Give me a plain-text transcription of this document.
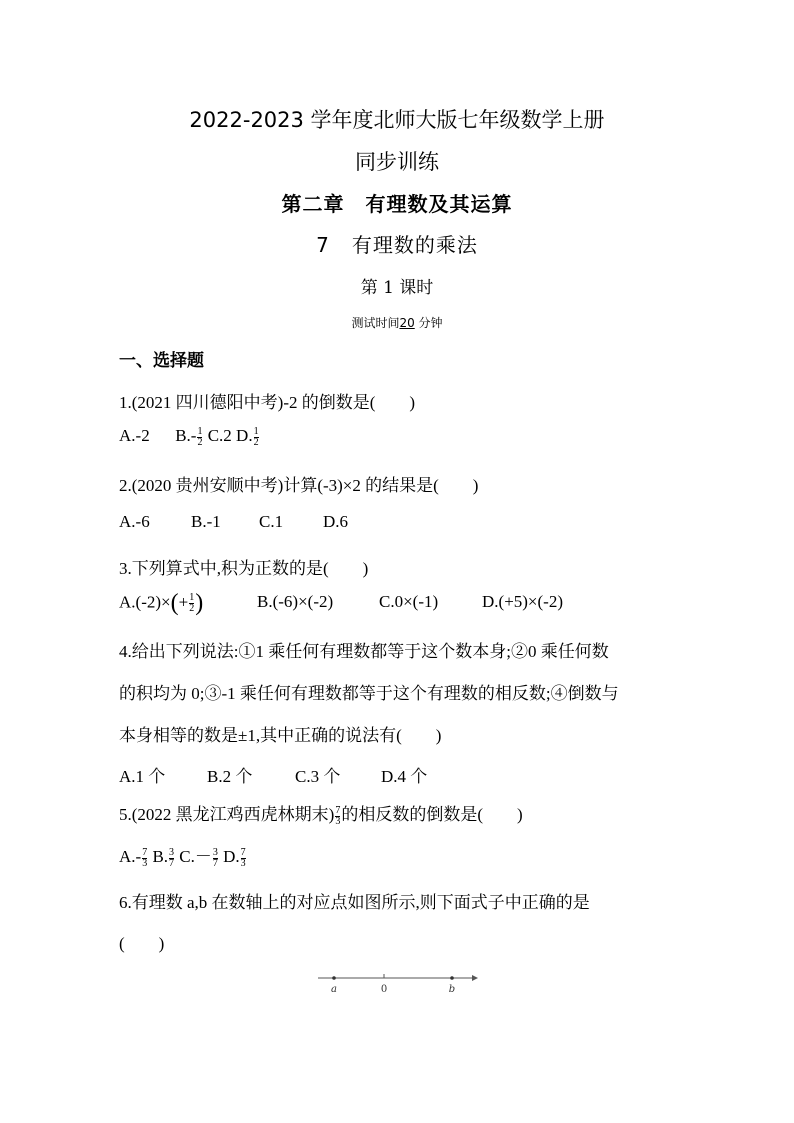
2022-2023 学年度北师大版七年级数学上册
同步训练
第二章　有理数及其运算
7 有理数的乘法
第 1 课时
测试时间20 分钟
一、选择题
1.(2021 四川德阳中考)-2 的倒数是(　　)
A.-2 $B.- \frac{1}{2} C.2$ D. $\frac{1}{2}$
2.(2020 贵州安顺中考)计算(-3)×2 的结果是(　　)
A.-6 B.-1 C.1 D.6
3.下列算式中,积为正数的是(　　)
$A.(-2)\times(+ \frac{1}{2}$ )	B.(-6)×(-2)	C.0×(-1)	D.(+5)×(-2)
4.给出下列说法:①1 乘任何有理数都等于这个数本身;②0 乘任何数
的积均为 0;③-1 乘任何有理数都等于这个有理数的相反数;④倒数与
本身相等的数是±1,其中正确的说法有(　　)
A.1 个 B.2 个	C.3 个 D.4 个
5.(2022 黑龙江鸡西虎林期末) $\frac{7}{3}$ 的相反数的倒数是(　　)
$A.- \frac{7}{3} B$. $\frac{3}{7} C.- \frac{3}{7} D$. $\frac{7}{3}$
6.有理数 a,b 在数轴上的对应点如图所示,则下面式子中正确的是
(　　)
a	0	b
